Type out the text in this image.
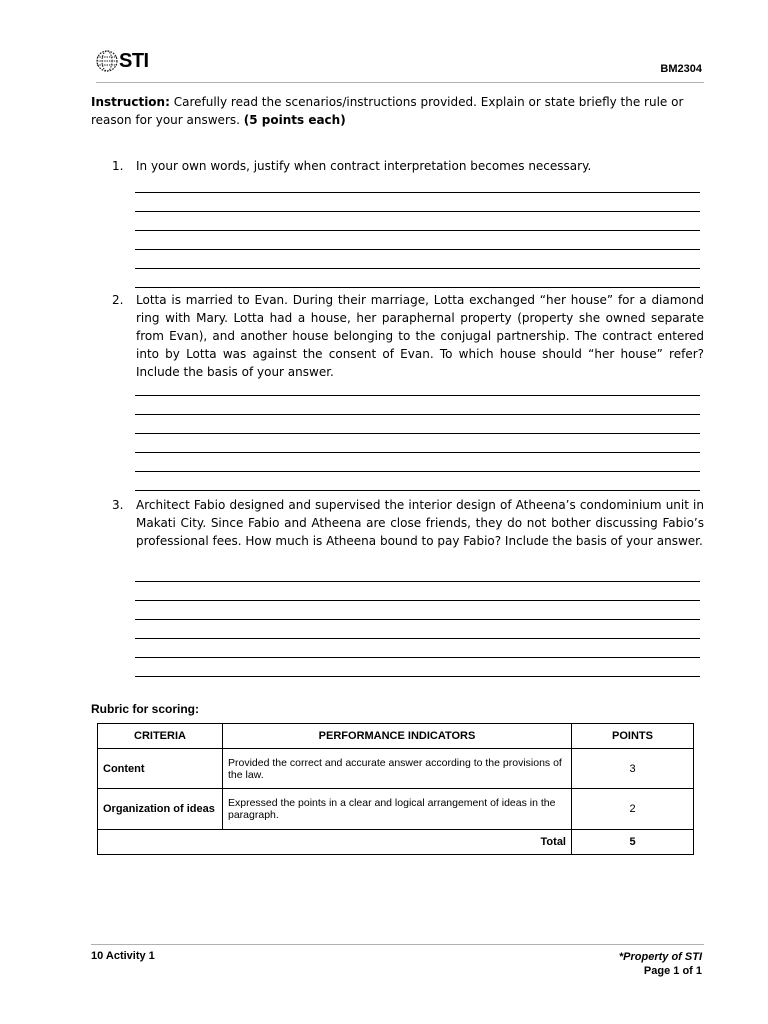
STI	BM2304
Instruction: Carefully read the scenarios/instructions provided. Explain or state briefly the rule or reason for your answers. (5 points each)
1. In your own words, justify when contract interpretation becomes necessary.
2. Lotta is married to Evan. During their marriage, Lotta exchanged “her house” for a diamond ring with Mary. Lotta had a house, her paraphernal property (property she owned separate from Evan), and another house belonging to the conjugal partnership. The contract entered into by Lotta was against the consent of Evan. To which house should “her house” refer? Include the basis of your answer.
3. Architect Fabio designed and supervised the interior design of Atheena’s condominium unit in Makati City. Since Fabio and Atheena are close friends, they do not bother discussing Fabio’s professional fees. How much is Atheena bound to pay Fabio? Include the basis of your answer.
Rubric for scoring:
CRITERIA	PERFORMANCE INDICATORS	POINTS
Content	Provided the correct and accurate answer according to the provisions of the law.	3
Organization of ideas	Expressed the points in a clear and logical arrangement of ideas in the paragraph.	2
Total		5
10 Activity 1	*Property of STI
Page 1 of 1
